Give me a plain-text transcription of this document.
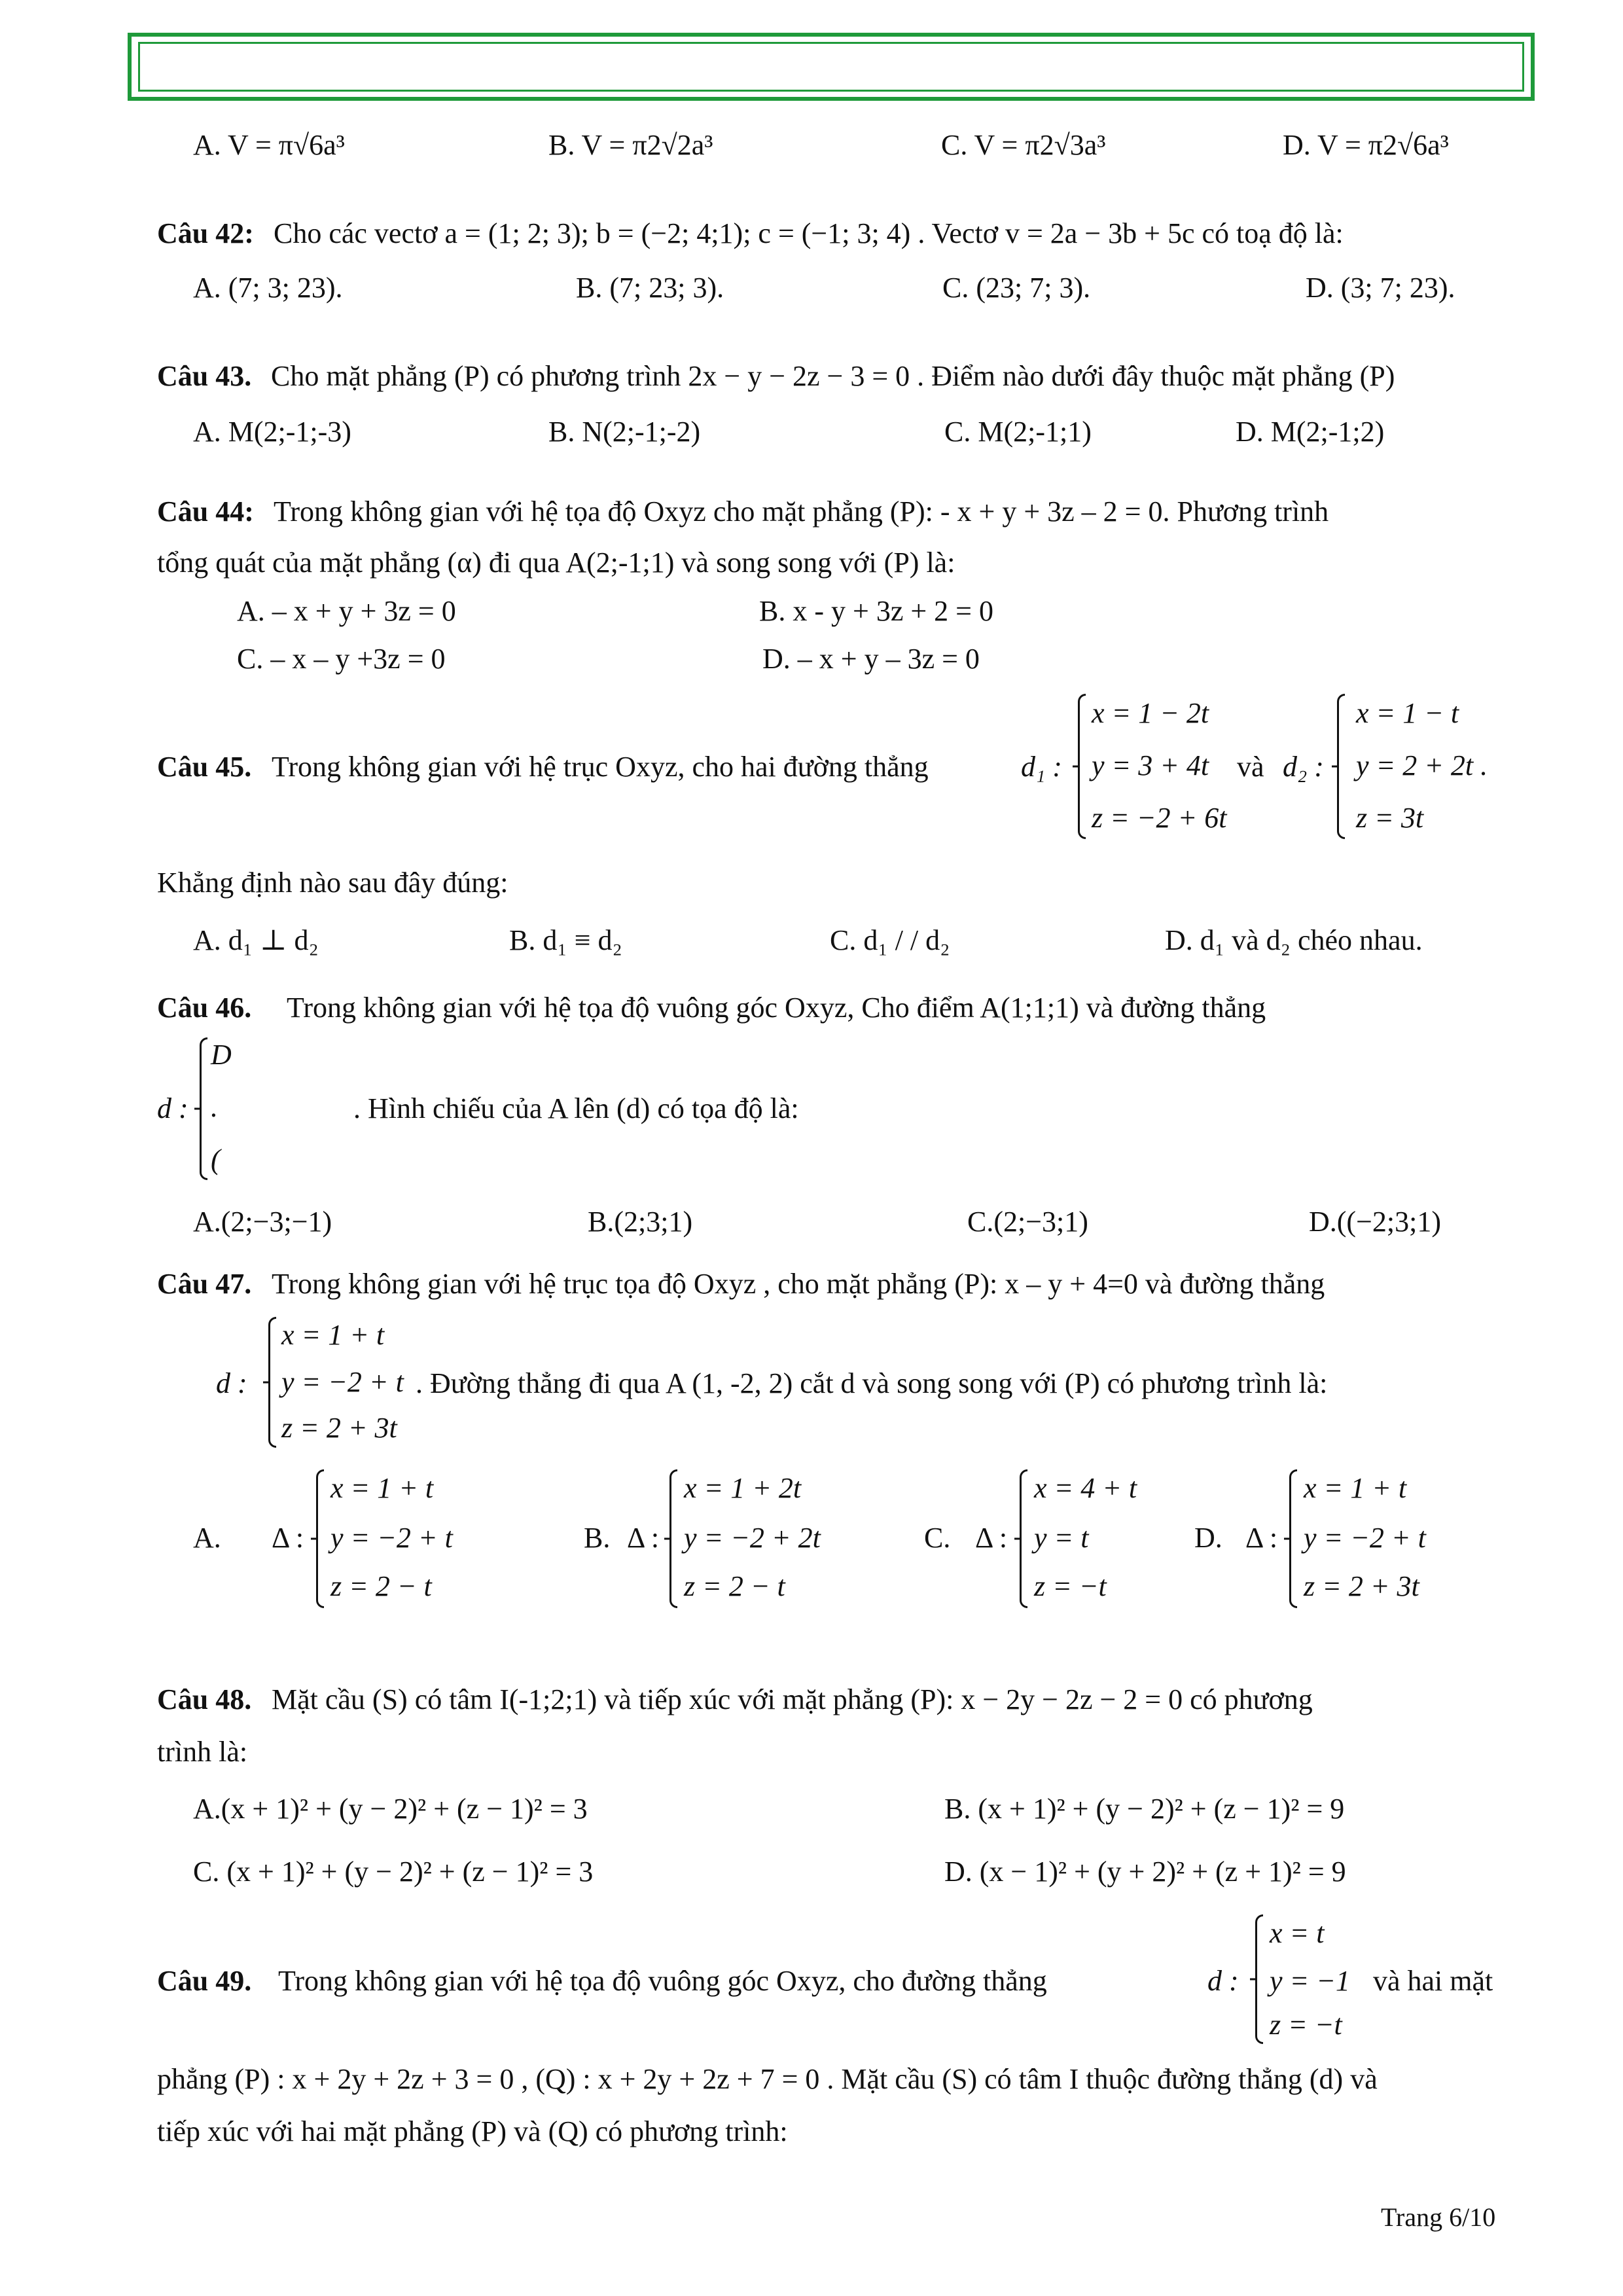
A. V = π√6a³	B. V = π2√2a³	C. V = π2√3a³	D. V = π2√6a³
Câu 42: Cho các vectơ a = (1; 2; 3); b = (−2; 4;1); c = (−1; 3; 4) . Vectơ v = 2a − 3b + 5c có toạ độ là:
A. (7; 3; 23).	B. (7; 23; 3).	C. (23; 7; 3).	D. (3; 7; 23).
Câu 43. Cho mặt phẳng (P) có phương trình 2x − y − 2z − 3 = 0 . Điểm nào dưới đây thuộc mặt phẳng (P)
A. M(2;-1;-3)	B. N(2;-1;-2)	C. M(2;-1;1)	D. M(2;-1;2)
Câu 44: Trong không gian với hệ tọa độ Oxyz cho mặt phẳng (P): - x + y + 3z – 2 = 0. Phương trình
tổng quát của mặt phẳng (α) đi qua A(2;-1;1) và song song với (P) là:
A. – x + y + 3z = 0	B. x - y + 3z + 2 = 0
C. – x – y +3z = 0	D. – x + y – 3z = 0
Câu 45. Trong không gian với hệ trục Oxyz, cho hai đường thẳng	d₁ :
x = 1 − 2t
y = 3 + 4t
z = −2 + 6t
và d₂ :
x = 1 − t
y = 2 + 2t .
z = 3t
Khẳng định nào sau đây đúng:
A. d₁ ⊥ d₂	B. d₁ ≡ d₂	C. d₁ / / d₂	D. d₁ và d₂ chéo nhau.
Câu 46. Trong không gian với hệ tọa độ vuông góc Oxyz, Cho điểm A(1;1;1) và đường thẳng
d :
D
.
(
. Hình chiếu của A lên (d) có tọa độ là:
A.(2;−3;−1)	B.(2;3;1)	C.(2;−3;1)	D.((−2;3;1)
Câu 47. Trong không gian với hệ trục tọa độ Oxyz , cho mặt phẳng (P): x – y + 4=0 và đường thẳng
d :
x = 1 + t
y = −2 + t
z = 2 + 3t
. Đường thẳng đi qua A (1, -2, 2) cắt d và song song với (P) có phương trình là:
A. Δ :
x = 1 + t
y = −2 + t
z = 2 − t
B. Δ :
x = 1 + 2t
y = −2 + 2t
z = 2 − t
C. Δ :
x = 4 + t
y = t
z = −t
D. Δ :
x = 1 + t
y = −2 + t
z = 2 + 3t
Câu 48. Mặt cầu (S) có tâm I(-1;2;1) và tiếp xúc với mặt phẳng (P): x − 2y − 2z − 2 = 0 có phương
trình là:
A.(x + 1)² + (y − 2)² + (z − 1)² = 3	B. (x + 1)² + (y − 2)² + (z − 1)² = 9
C. (x + 1)² + (y − 2)² + (z − 1)² = 3	D. (x − 1)² + (y + 2)² + (z + 1)² = 9
Câu 49. Trong không gian với hệ tọa độ vuông góc Oxyz, cho đường thẳng	d :
x = t
y = −1
z = −t
và hai mặt
phẳng (P) : x + 2y + 2z + 3 = 0 , (Q) : x + 2y + 2z + 7 = 0 . Mặt cầu (S) có tâm I thuộc đường thẳng (d) và
tiếp xúc với hai mặt phẳng (P) và (Q) có phương trình:
Trang 6/10
